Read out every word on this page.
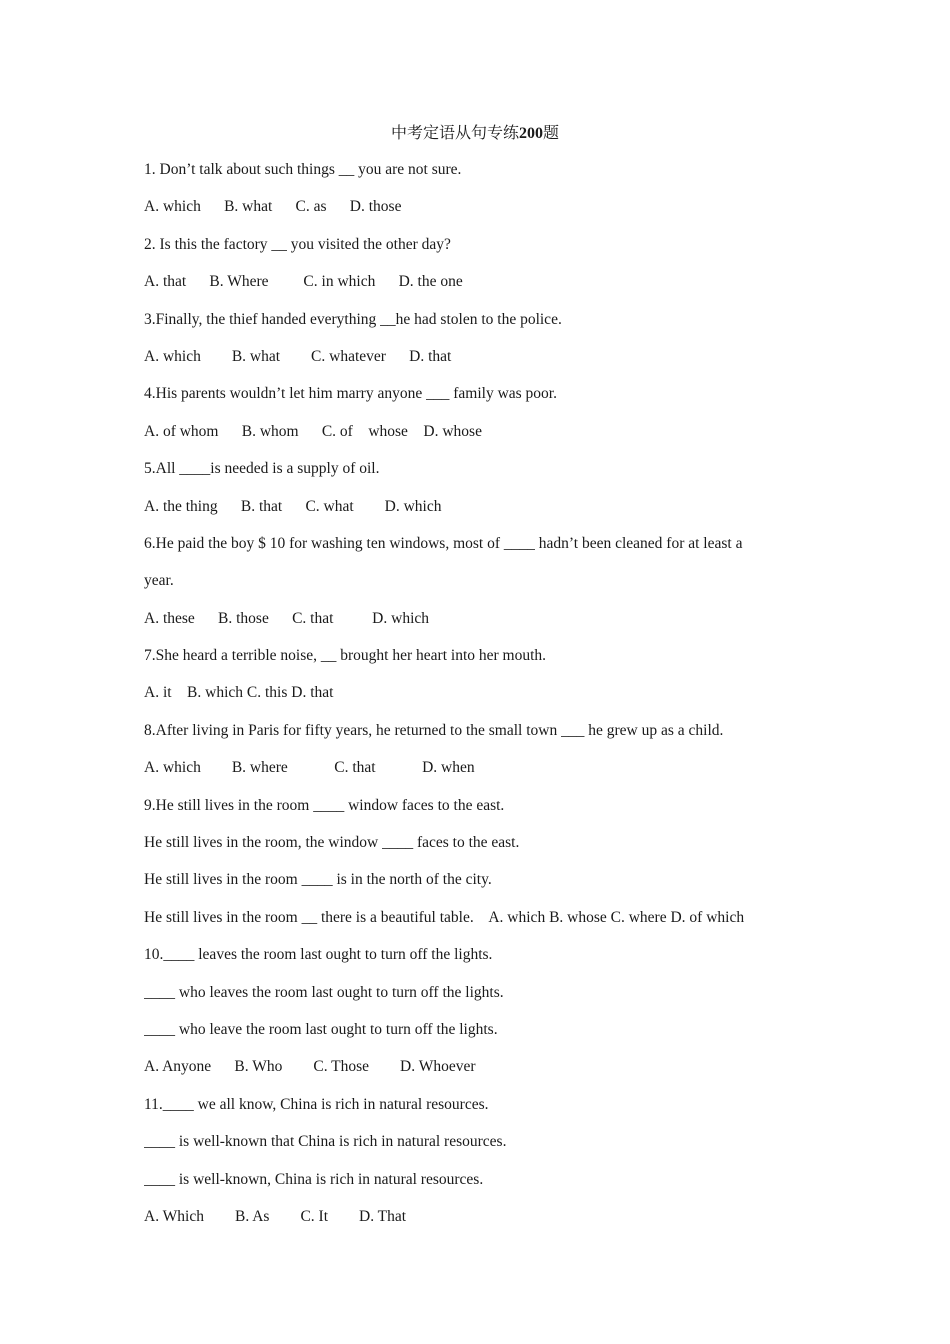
中考定语从句专练200题
1. Don’t talk about such things __ you are not sure.
A. which      B. what      C. as      D. those
2. Is this the factory __ you visited the other day?
A. that      B. Where         C. in which      D. the one
3.Finally, the thief handed everything __he had stolen to the police.
A. which        B. what        C. whatever      D. that
4.His parents wouldn’t let him marry anyone ___ family was poor.
A. of whom      B. whom      C. of    whose    D. whose
5.All ____is needed is a supply of oil.
A. the thing      B. that      C. what        D. which
6.He paid the boy $ 10 for washing ten windows, most of ____ hadn’t been cleaned for at least a
year.
A. these      B. those      C. that          D. which
7.She heard a terrible noise, __ brought her heart into her mouth.
A. it    B. which C. this D. that
8.After living in Paris for fifty years, he returned to the small town ___ he grew up as a child.
A. which        B. where            C. that            D. when
9.He still lives in the room ____ window faces to the east.
He still lives in the room, the window ____ faces to the east.
He still lives in the room ____ is in the north of the city.
He still lives in the room __ there is a beautiful table.    A. which B. whose C. where D. of which
10.____ leaves the room last ought to turn off the lights.
____ who leaves the room last ought to turn off the lights.
____ who leave the room last ought to turn off the lights.
A. Anyone      B. Who        C. Those        D. Whoever
11.____ we all know, China is rich in natural resources.
____ is well-known that China is rich in natural resources.
____ is well-known, China is rich in natural resources.
A. Which        B. As        C. It        D. That
